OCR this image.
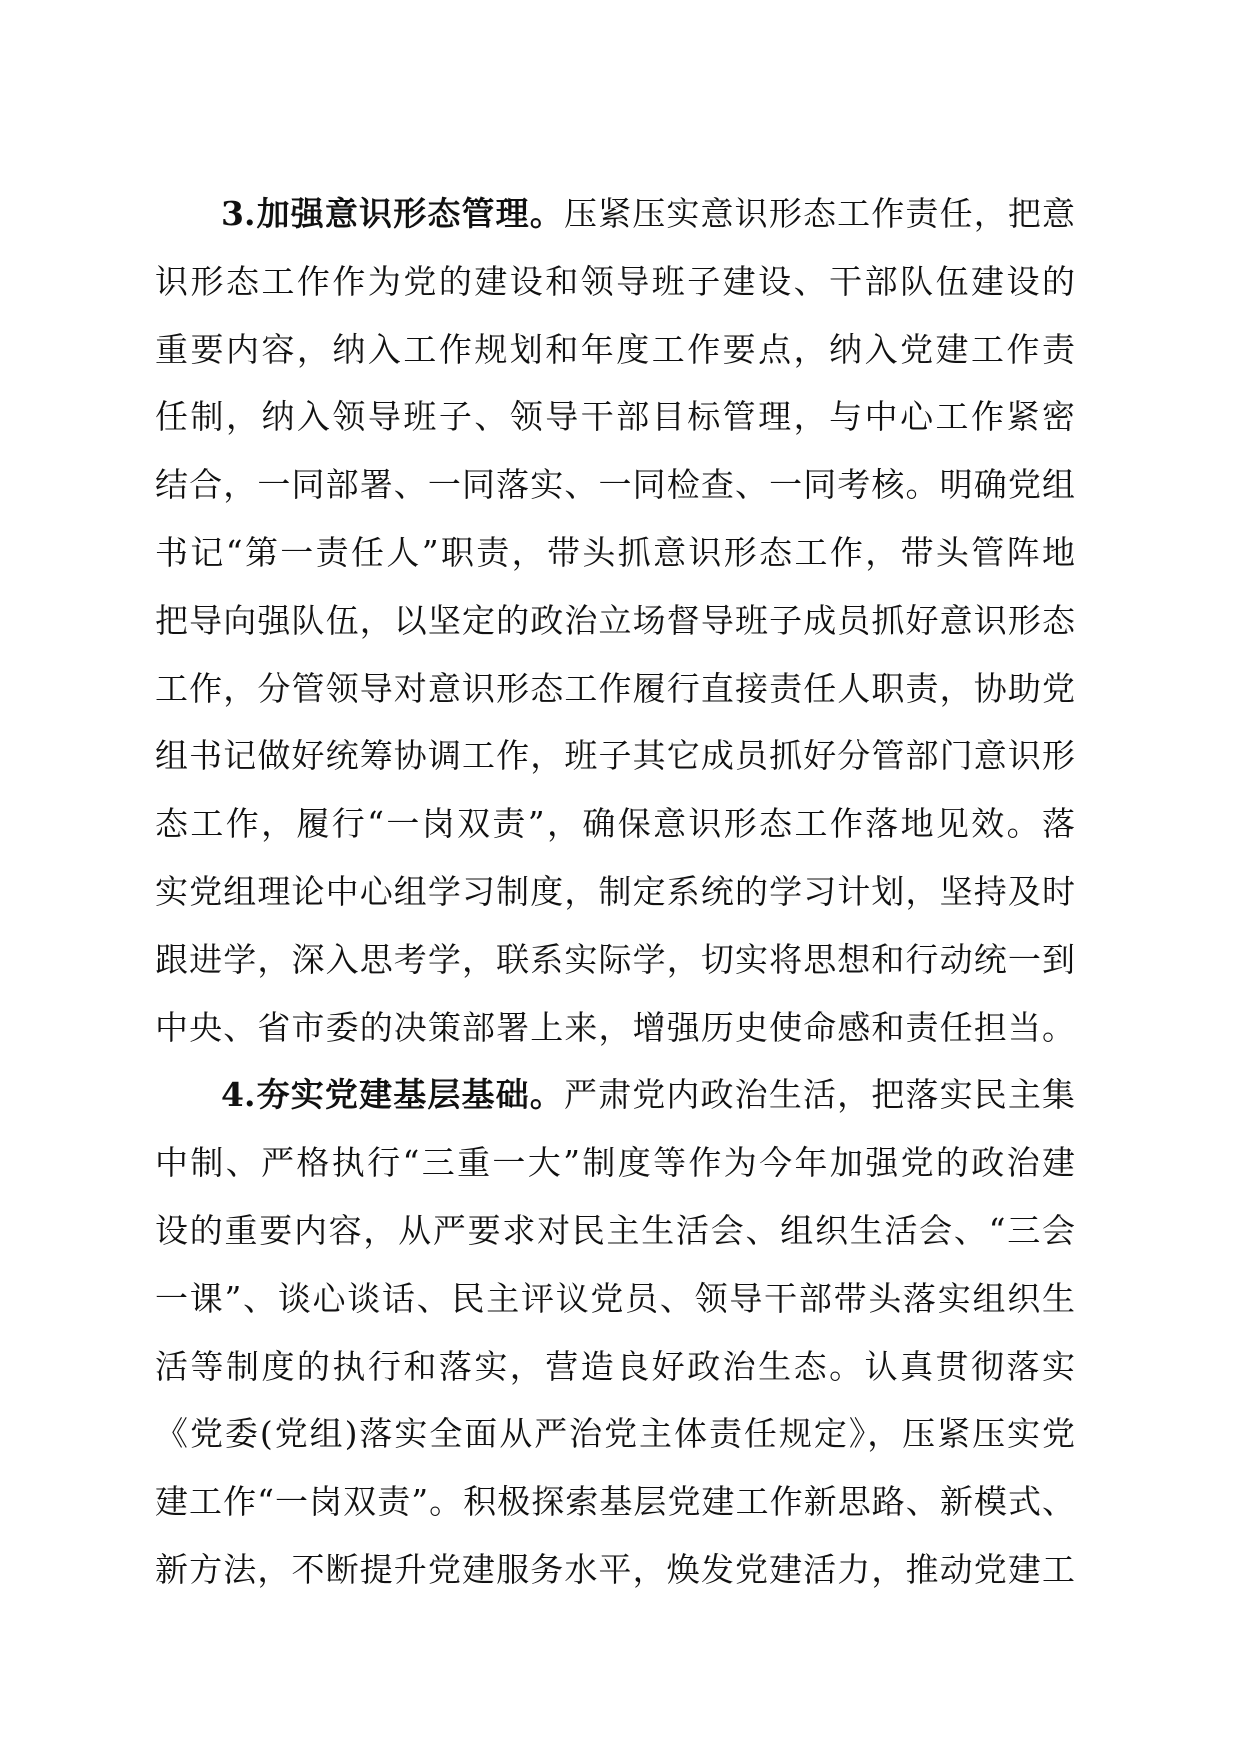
3.加强意识形态管理。压紧压实意识形态工作责任，把意
识形态工作作为党的建设和领导班子建设、干部队伍建设的
重要内容，纳入工作规划和年度工作要点，纳入党建工作责
任制，纳入领导班子、领导干部目标管理，与中心工作紧密
结合，一同部署、一同落实、一同检查、一同考核。明确党组
书记“第一责任人”职责，带头抓意识形态工作，带头管阵地
把导向强队伍，以坚定的政治立场督导班子成员抓好意识形态
工作，分管领导对意识形态工作履行直接责任人职责，协助党
组书记做好统筹协调工作，班子其它成员抓好分管部门意识形
态工作，履行“一岗双责”，确保意识形态工作落地见效。落
实党组理论中心组学习制度，制定系统的学习计划，坚持及时
跟进学，深入思考学，联系实际学，切实将思想和行动统一到
中央、省市委的决策部署上来，增强历史使命感和责任担当。
4.夯实党建基层基础。严肃党内政治生活，把落实民主集
中制、严格执行“三重一大”制度等作为今年加强党的政治建
设的重要内容，从严要求对民主生活会、组织生活会、“三会
一课”、谈心谈话、民主评议党员、领导干部带头落实组织生
活等制度的执行和落实，营造良好政治生态。认真贯彻落实
《党委(党组)落实全面从严治党主体责任规定》，压紧压实党
建工作“一岗双责”。积极探索基层党建工作新思路、新模式、
新方法，不断提升党建服务水平，焕发党建活力，推动党建工
